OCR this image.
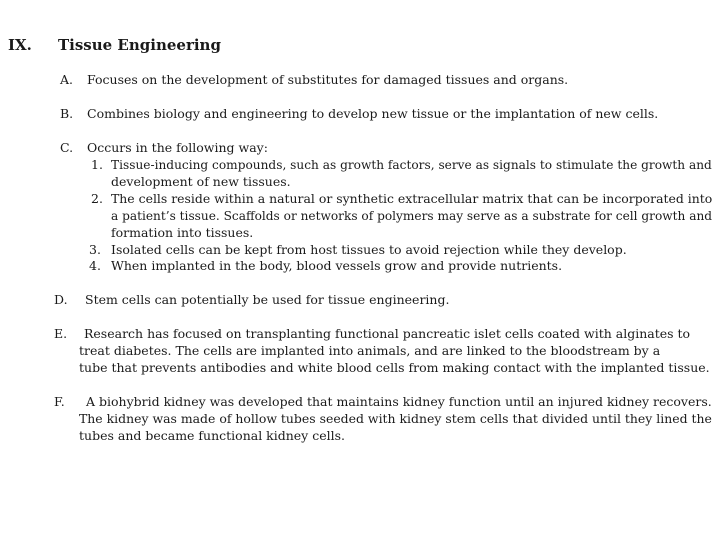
IX. Tissue Engineering
A. Focuses on the development of substitutes for damaged tissues and organs.
B. Combines biology and engineering to develop new tissue or the implantation of new cells.
C. Occurs in the following way:
1. Tissue-inducing compounds, such as growth factors, serve as signals to stimulate the growth and
development of new tissues.
2. The cells reside within a natural or synthetic extracellular matrix that can be incorporated into
a patient’s tissue. Scaffolds or networks of polymers may serve as a substrate for cell growth and
formation into tissues.
3. Isolated cells can be kept from host tissues to avoid rejection while they develop.
4. When implanted in the body, blood vessels grow and provide nutrients.
D. Stem cells can potentially be used for tissue engineering.
E. Research has focused on transplanting functional pancreatic islet cells coated with alginates to
treat diabetes. The cells are implanted into animals, and are linked to the bloodstream by a
tube that prevents antibodies and white blood cells from making contact with the implanted tissue.
F. A biohybrid kidney was developed that maintains kidney function until an injured kidney recovers.
The kidney was made of hollow tubes seeded with kidney stem cells that divided until they lined the
tubes and became functional kidney cells.
